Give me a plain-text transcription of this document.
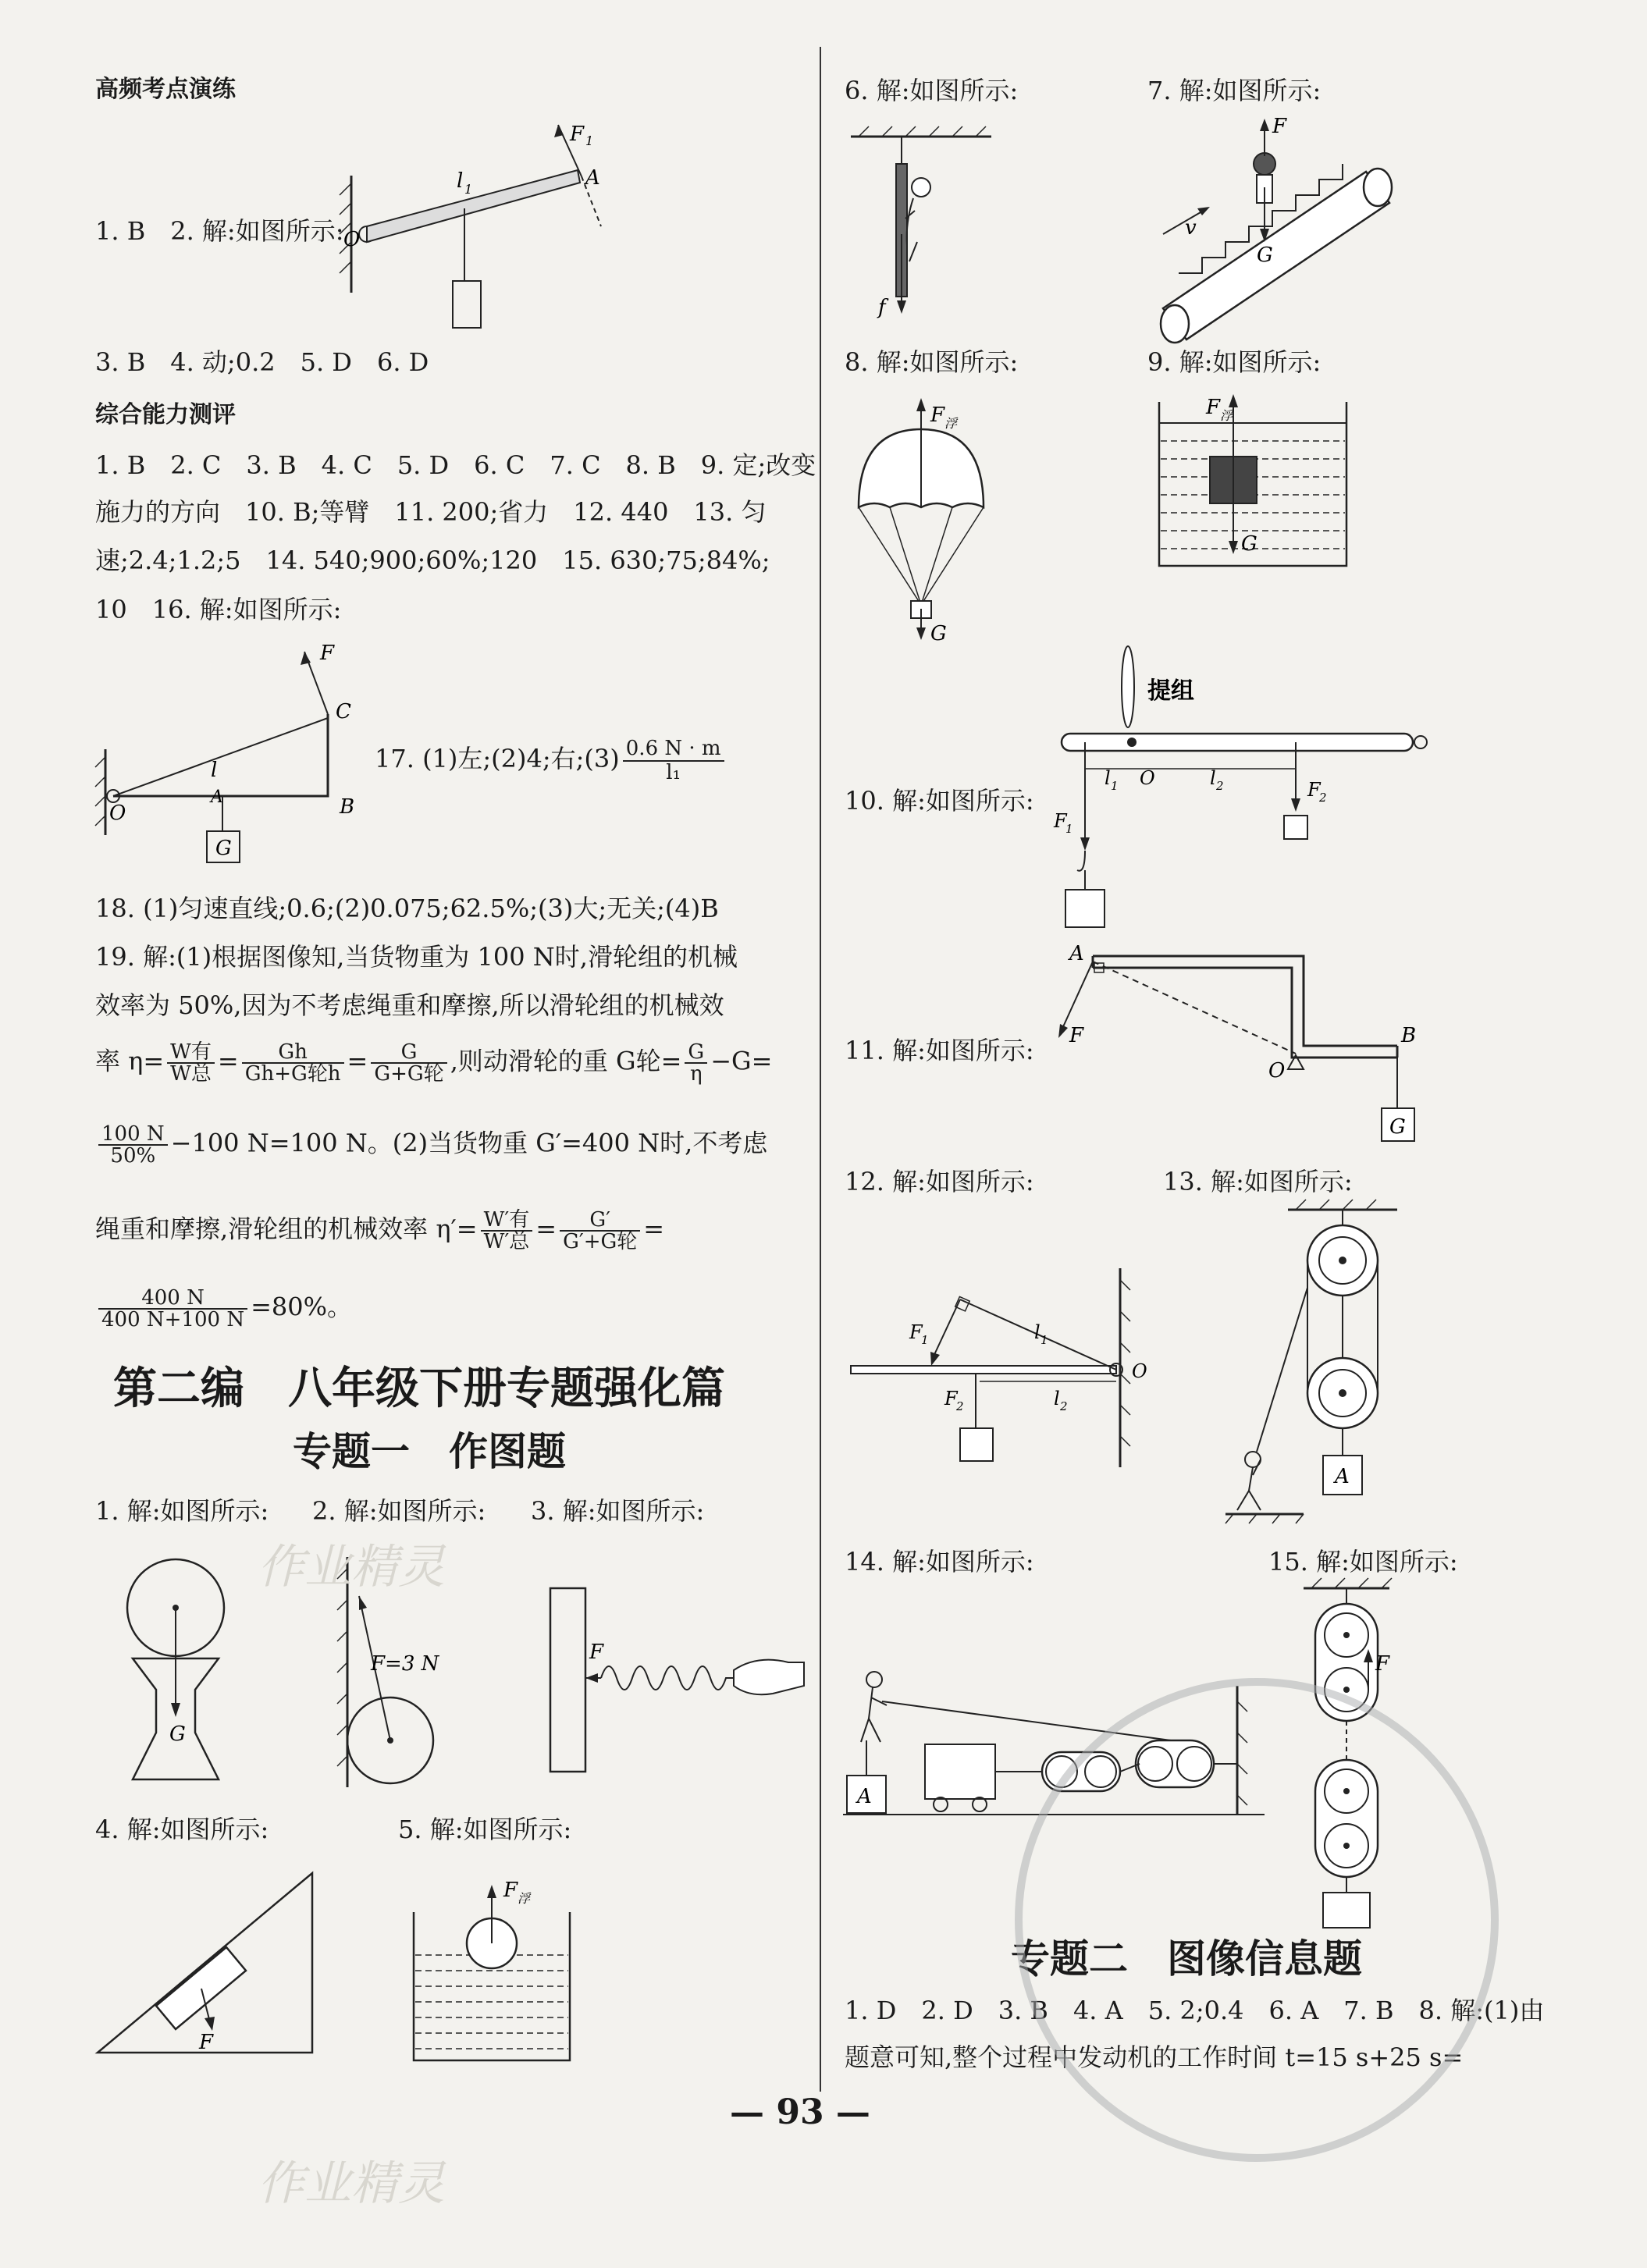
高频考点演练
F 1
A
l 1
O
1. B　2. 解:如图所示:
3. B　4. 动;0.2　5. D　6. D
综合能力测评
1. B　2. C　3. B　4. C　5. D　6. C　7. C　8. B　9. 定;改变
施力的方向　10. B;等臂　11. 200;省力　12. 440　13. 匀
速;2.4;1.2;5　14. 540;900;60%;120　15. 630;75;84%;
10　16. 解:如图所示:
F
C
l
A	B
O
G
17. (1)左;(2)4;右;(3) $\frac{0.6 N \cdot m}{\text{l₁}}$
18. (1)匀速直线;0.6;(2)0.075;62.5%;(3)大;无关;(4)B
19. 解:(1)根据图像知,当货物重为 100 N时,滑轮组的机械
效率为 50%,因为不考虑绳重和摩擦,所以滑轮组的机械效
率 $\eta= \frac{\text{W有}}{\text{W总}} = \frac{Gh}{\text{Gh+G轮h}} = \frac{G}{\text{G+G轮}}$ ,则动滑轮的重 G轮= $\frac{G}{\eta} -G=$
$\frac{100 N}{50\%} -100$ N=100 N。(2)当货物重 G′=400 N时,不考虑
绳重和摩擦,滑轮组的机械效率 $\eta'= \frac{\text{W′有}}{\text{W′总}} = \frac{G'}{\text{G′+G轮}}$ =
$\frac{400 N}{400 N+100 N} =80\%$。
第二编　八年级下册专题强化篇
专题一　作图题
1. 解:如图所示: 2. 解:如图所示: 3. 解:如图所示:
G
F=3 N	F
4. 解:如图所示:	5. 解:如图所示:
F
F 浮
作业精灵
作业精灵
6. 解:如图所示:	7. 解:如图所示:
f
F
v
G
8. 解:如图所示:	9. 解:如图所示:
F 浮
G
F 浮
G
提组
l 1 O	l 2
F
1
F
2
10. 解:如图所示:
A
F
O
B
G
11. 解:如图所示:
12. 解:如图所示:	13. 解:如图所示:
F
1	l 1
F
2	l 2
O
A
14. 解:如图所示:	15. 解:如图所示:
A
F
专题二　图像信息题
1. D　2. D　3. B　4. A　5. 2;0.4　6. A　7. B　8. 解:(1)由
题意可知,整个过程中发动机的工作时间 t=15 s+25 s=
— 93 —
